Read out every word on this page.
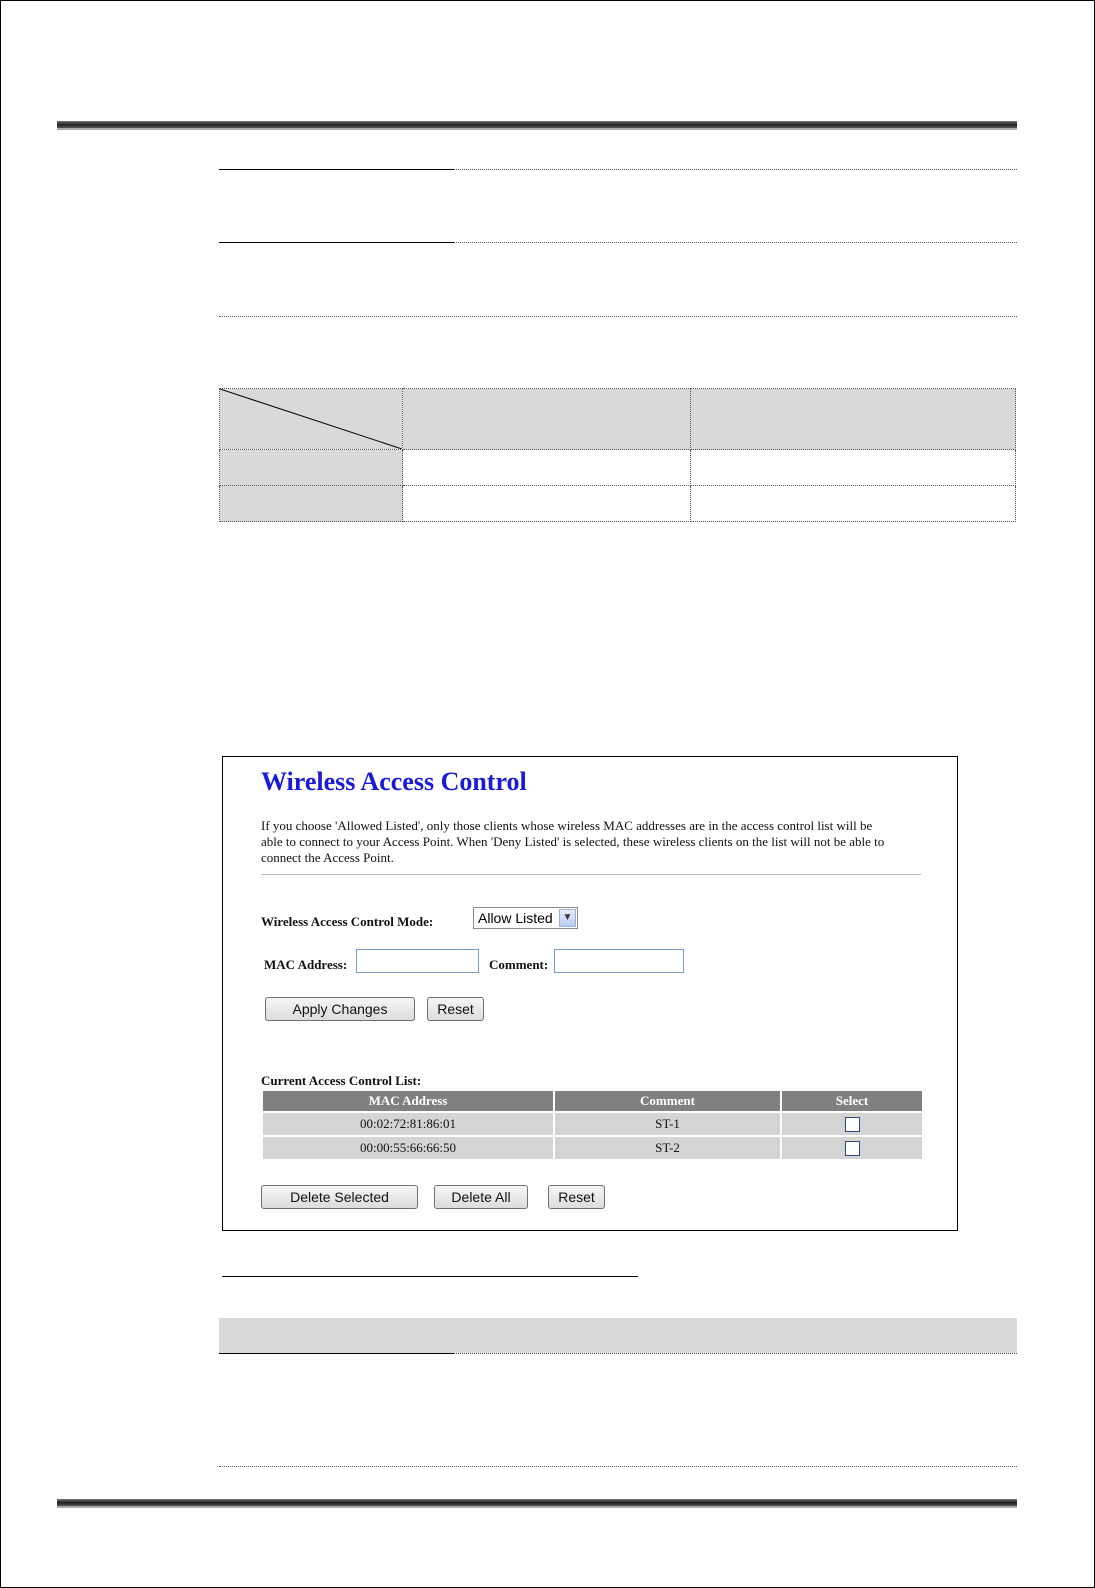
Wireless Access Control

If you choose 'Allowed Listed', only those clients whose wireless MAC addresses are in the access control list will be able to connect to your Access Point. When 'Deny Listed' is selected, these wireless clients on the list will not be able to connect the Access Point.

Wireless Access Control Mode:	Allow Listed ▼
MAC Address:	Comment:
Apply Changes	Reset
Current Access Control List:
MAC Address	Comment	Select
00:02:72:81:86:01	ST-1	
00:00:55:66:66:50	ST-2	
Delete Selected	Delete All	Reset
